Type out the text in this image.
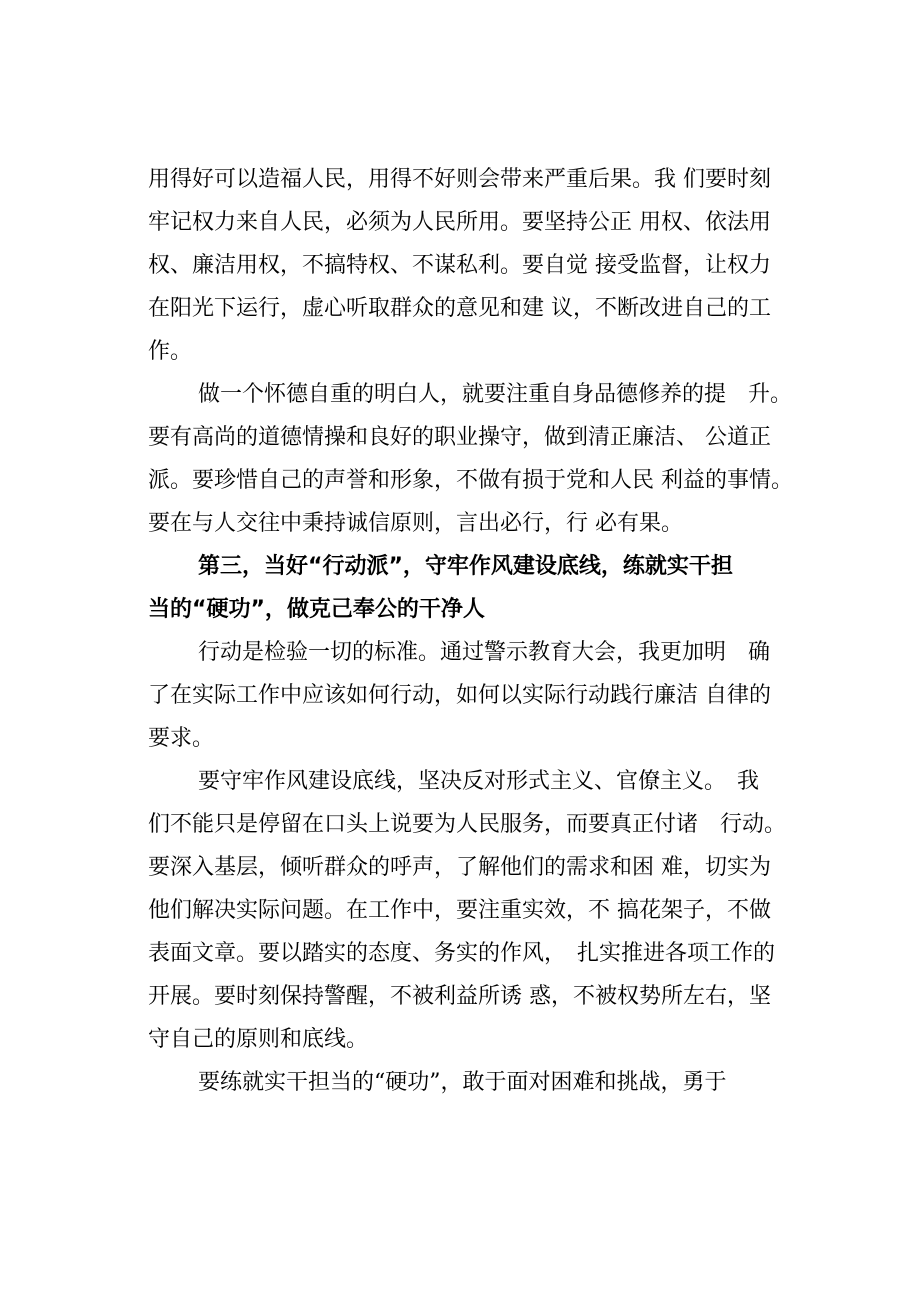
用得好可以造福人民，用得不好则会带来严重后果。我 们要时刻
牢记权力来自人民，必须为人民所用。要坚持公正 用权、依法用
权、廉洁用权，不搞特权、不谋私利。要自觉 接受监督，让权力
在阳光下运行，虚心听取群众的意见和建 议，不断改进自己的工
作。
做一个怀德自重的明白人，就要注重自身品德修养的提　升。
要有高尚的道德情操和良好的职业操守，做到清正廉洁、 公道正
派。要珍惜自己的声誉和形象，不做有损于党和人民 利益的事情。
要在与人交往中秉持诚信原则，言出必行，行 必有果。
第三，当好“行动派”，守牢作风建设底线，练就实干担
当的“硬功”，做克己奉公的干净人
行动是检验一切的标准。通过警示教育大会，我更加明　确
了在实际工作中应该如何行动，如何以实际行动践行廉洁 自律的
要求。
要守牢作风建设底线，坚决反对形式主义、官僚主义。　我
们不能只是停留在口头上说要为人民服务，而要真正付诸　行动。
要深入基层，倾听群众的呼声，了解他们的需求和困 难，切实为
他们解决实际问题。在工作中，要注重实效，不 搞花架子，不做
表面文章。要以踏实的态度、务实的作风，　扎实推进各项工作的
开展。要时刻保持警醒，不被利益所诱 惑，不被权势所左右，坚
守自己的原则和底线。
要练就实干担当的“硬功”，敢于面对困难和挑战，勇于
